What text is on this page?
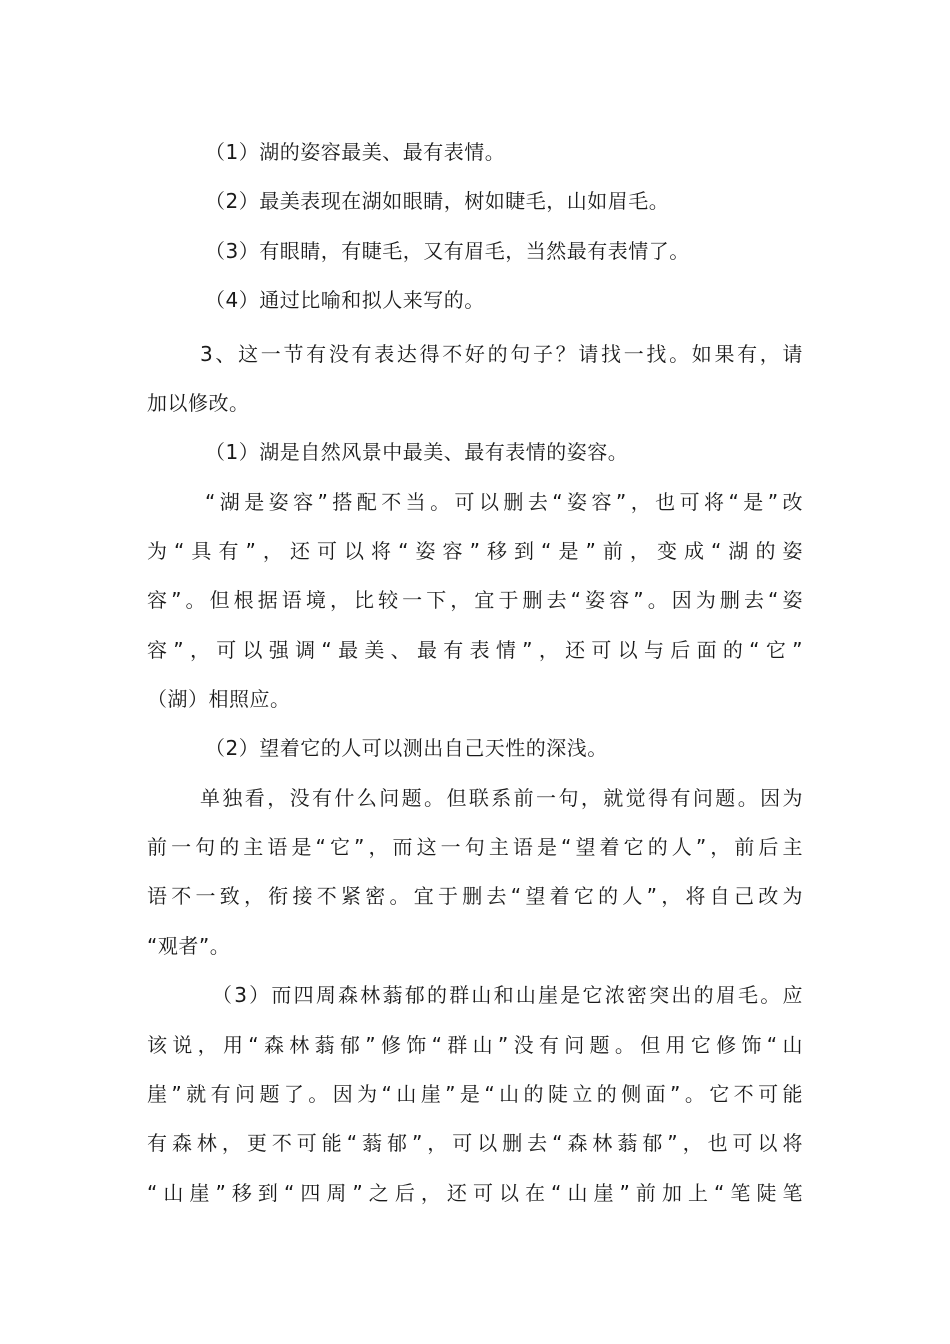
（1）湖的姿容最美、最有表情。
（2）最美表现在湖如眼睛，树如睫毛，山如眉毛。
（3）有眼睛，有睫毛，又有眉毛，当然最有表情了。
（4）通过比喻和拟人来写的。
3、这一节有没有表达得不好的句子？请找一找。如果有，请
加以修改。
（1）湖是自然风景中最美、最有表情的姿容。
“湖是姿容”搭配不当。可以删去“姿容”，也可将“是”改
为“具有”，还可以将“姿容”移到“是”前，变成“湖的姿
容”。但根据语境，比较一下，宜于删去“姿容”。因为删去“姿
容”，可以强调“最美、最有表情”，还可以与后面的“它”
（湖）相照应。
（2）望着它的人可以测出自己天性的深浅。
单独看，没有什么问题。但联系前一句，就觉得有问题。因为
前一句的主语是“它”，而这一句主语是“望着它的人”，前后主
语不一致，衔接不紧密。宜于删去“望着它的人”，将自己改为
“观者”。
（3）而四周森林蓊郁的群山和山崖是它浓密突出的眉毛。应
该说，用“森林蓊郁”修饰“群山”没有问题。但用它修饰“山
崖”就有问题了。因为“山崖”是“山的陡立的侧面”。它不可能
有森林，更不可能“蓊郁”，可以删去“森林蓊郁”，也可以将
“山崖”移到“四周”之后，还可以在“山崖”前加上“笔陡笔
